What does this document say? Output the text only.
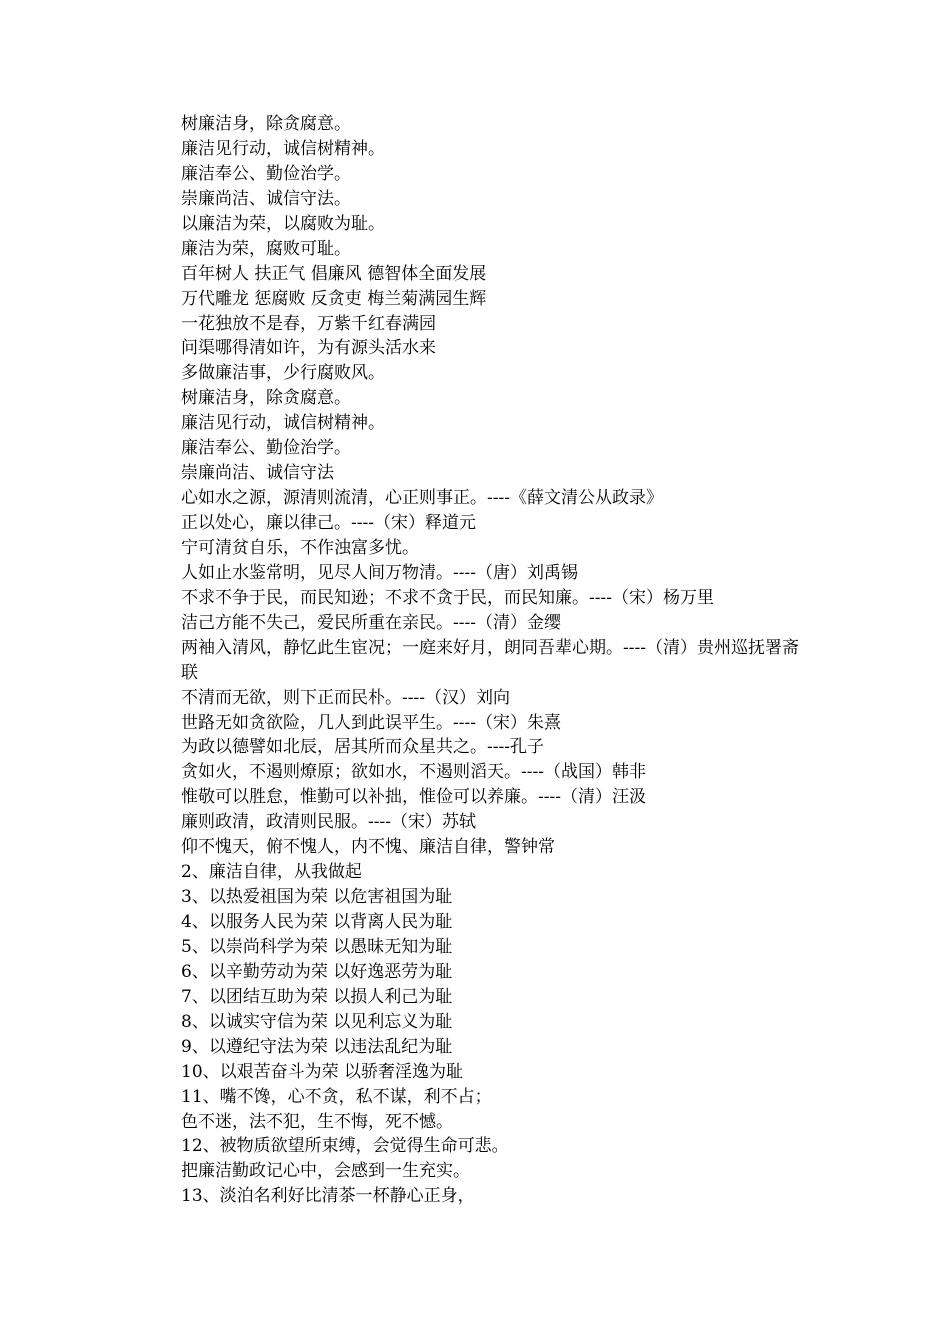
树廉洁身，除贪腐意。
廉洁见行动，诚信树精神。
廉洁奉公、勤俭治学。
崇廉尚洁、诚信守法。
以廉洁为荣，以腐败为耻。
廉洁为荣，腐败可耻。
百年树人 扶正气 倡廉风 德智体全面发展
万代雕龙 惩腐败 反贪吏 梅兰菊满园生辉
一花独放不是春，万紫千红春满园
问渠哪得清如许，为有源头活水来
多做廉洁事，少行腐败风。
树廉洁身，除贪腐意。
廉洁见行动，诚信树精神。
廉洁奉公、勤俭治学。
崇廉尚洁、诚信守法
心如水之源，源清则流清，心正则事正。----《薛文清公从政录》
正以处心，廉以律己。----（宋）释道元
宁可清贫自乐，不作浊富多忧。
人如止水鉴常明，见尽人间万物清。----（唐）刘禹锡
不求不争于民，而民知逊；不求不贪于民，而民知廉。----（宋）杨万里
洁己方能不失己，爱民所重在亲民。----（清）金缨
两袖入清风，静忆此生宦况；一庭来好月，朗同吾辈心期。----（清）贵州巡抚署斋联
不清而无欲，则下正而民朴。----（汉）刘向
世路无如贪欲险，几人到此误平生。----（宋）朱熹
为政以德譬如北辰，居其所而众星共之。----孔子
贪如火，不遏则燎原；欲如水，不遏则滔天。----（战国）韩非
惟敬可以胜怠，惟勤可以补拙，惟俭可以养廉。----（清）汪汲
廉则政清，政清则民服。----（宋）苏轼
仰不愧天，俯不愧人，内不愧、廉洁自律，警钟常
2、廉洁自律，从我做起
3、以热爱祖国为荣 以危害祖国为耻
4、以服务人民为荣 以背离人民为耻
5、以崇尚科学为荣 以愚昧无知为耻
6、以辛勤劳动为荣 以好逸恶劳为耻
7、以团结互助为荣 以损人利己为耻
8、以诚实守信为荣 以见利忘义为耻
9、以遵纪守法为荣 以违法乱纪为耻
10、以艰苦奋斗为荣 以骄奢淫逸为耻
11、嘴不馋，心不贪，私不谋，利不占；
色不迷，法不犯，生不悔，死不憾。
12、被物质欲望所束缚，会觉得生命可悲。
把廉洁勤政记心中，会感到一生充实。
13、淡泊名利好比清茶一杯静心正身，
